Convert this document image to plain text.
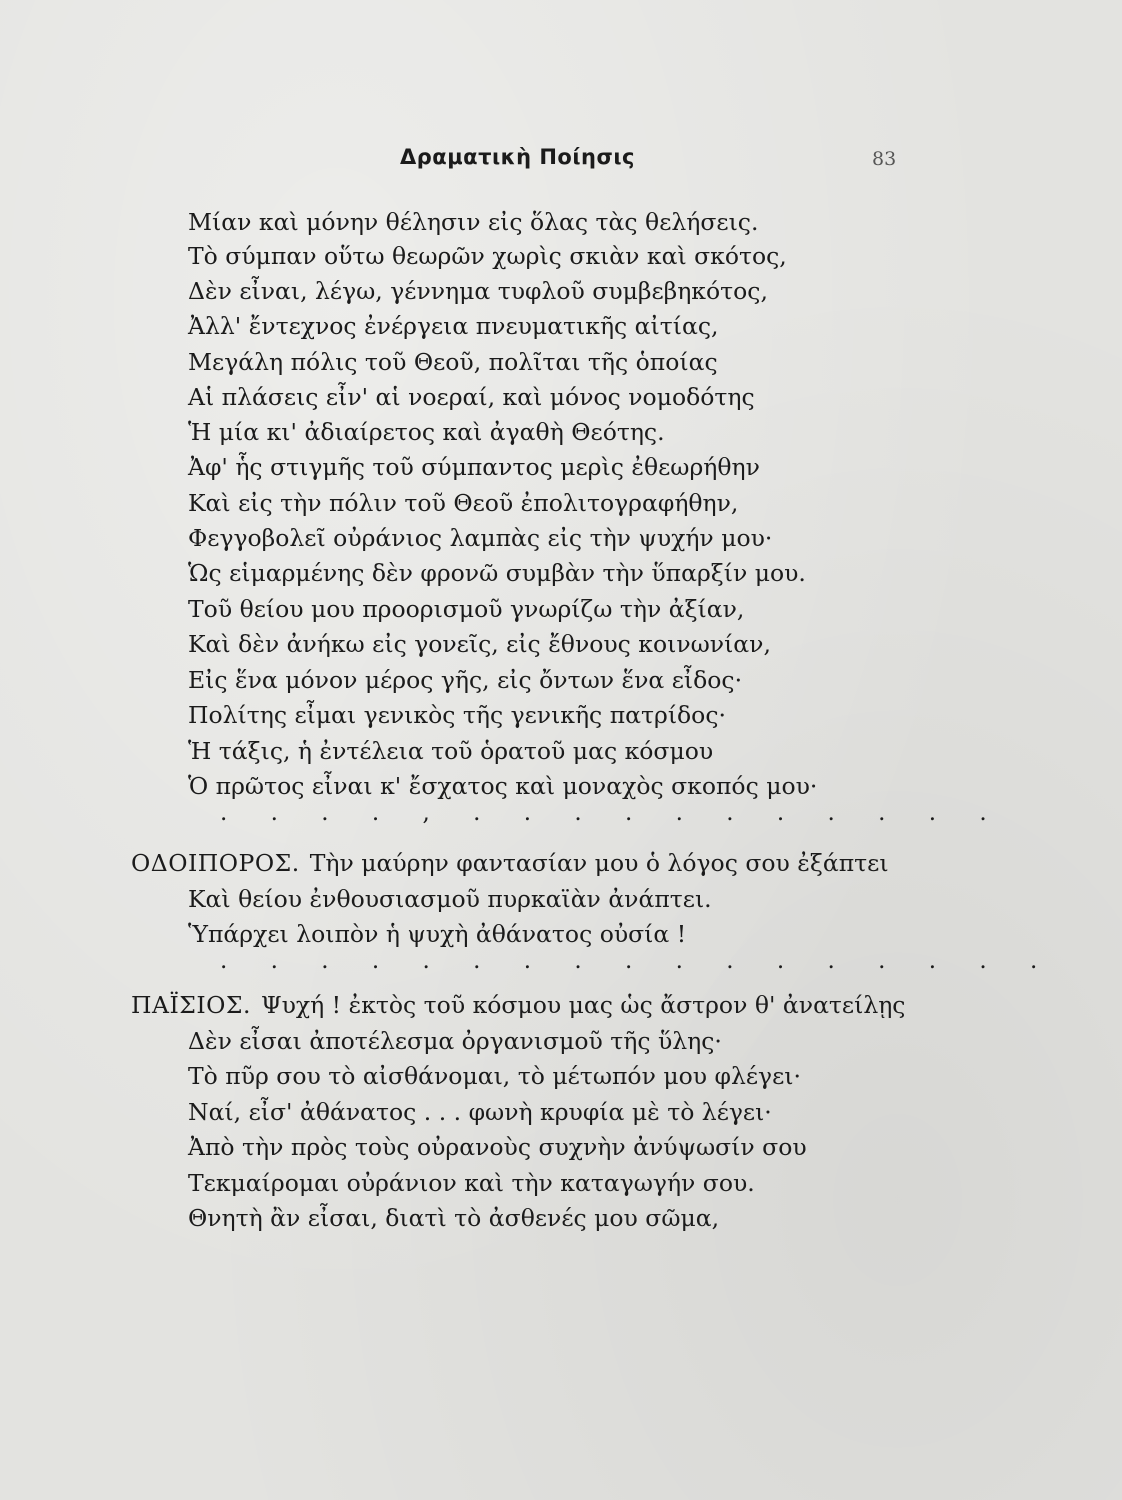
Δραματικὴ Ποίησις	83
Μίαν καὶ μόνην θέλησιν εἰς ὅλας τὰς θελήσεις.
Τὸ σύμπαν οὕτω θεωρῶν χωρὶς σκιὰν καὶ σκότος,
Δὲν εἶναι, λέγω, γέννημα τυφλοῦ συμβεβηκότος,
Ἀλλ' ἔντεχνος ἐνέργεια πνευματικῆς αἰτίας,
Μεγάλη πόλις τοῦ Θεοῦ, πολῖται τῆς ὁποίας
Αἱ πλάσεις εἶν' αἱ νοεραί, καὶ μόνος νομοδότης
Ἡ μία κι' ἀδιαίρετος καὶ ἀγαθὴ Θεότης.
Ἀφ' ἧς στιγμῆς τοῦ σύμπαντος μερὶς ἐθεωρήθην
Καὶ εἰς τὴν πόλιν τοῦ Θεοῦ ἐπολιτογραφήθην,
Φεγγοβολεῖ οὐράνιος λαμπὰς εἰς τὴν ψυχήν μου·
Ὡς εἱμαρμένης δὲν φρονῶ συμβὰν τὴν ὕπαρξίν μου.
Τοῦ θείου μου προορισμοῦ γνωρίζω τὴν ἀξίαν,
Καὶ δὲν ἀνήκω εἰς γονεῖς, εἰς ἔθνους κοινωνίαν,
Εἰς ἕνα μόνον μέρος γῆς, εἰς ὄντων ἕνα εἶδος·
Πολίτης εἶμαι γενικὸς τῆς γενικῆς πατρίδος·
Ἡ τάξις, ἡ ἐντέλεια τοῦ ὁρατοῦ μας κόσμου
Ὁ πρῶτος εἶναι κ' ἔσχατος καὶ μοναχὸς σκοπός μου·
. . . . , . . . . . . . . . . .
ΟΔΟΙΠΟΡΟΣ. Τὴν μαύρην φαντασίαν μου ὁ λόγος σου ἐξάπτει
Καὶ θείου ἐνθουσιασμοῦ πυρκαϊὰν ἀνάπτει.
Ὑπάρχει λοιπὸν ἡ ψυχὴ ἀθάνατος οὐσία !
. . . . . . . . . . . . . . . . .
ΠΑΪΣΙΟΣ. Ψυχή ! ἐκτὸς τοῦ κόσμου μας ὡς ἄστρον θ' ἀνατείλῃς
Δὲν εἶσαι ἀποτέλεσμα ὀργανισμοῦ τῆς ὕλης·
Τὸ πῦρ σου τὸ αἰσθάνομαι, τὸ μέτωπόν μου φλέγει·
Ναί, εἶσ' ἀθάνατος . . . φωνὴ κρυφία μὲ τὸ λέγει·
Ἀπὸ τὴν πρὸς τοὺς οὐρανοὺς συχνὴν ἀνύψωσίν σου
Τεκμαίρομαι οὐράνιον καὶ τὴν καταγωγήν σου.
Θνητὴ ἂν εἶσαι, διατὶ τὸ ἀσθενές μου σῶμα,
